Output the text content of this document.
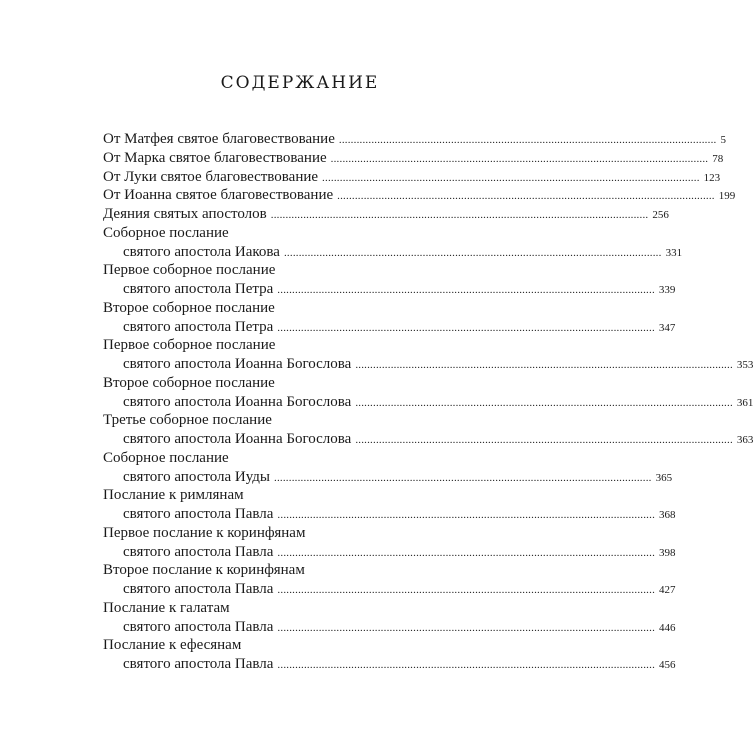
СОДЕРЖАНИЕ
От Матфея святое благовествование ................................................................................................................................ 5
От Марка святое благовествование ................................................................................................................................ 78
От Луки святое благовествование ................................................................................................................................ 123
От Иоанна святое благовествование ................................................................................................................................ 199
Деяния святых апостолов ................................................................................................................................ 256
Соборное послание
святого апостола Иакова ................................................................................................................................ 331
Первое соборное послание
святого апостола Петра ................................................................................................................................ 339
Второе соборное послание
святого апостола Петра ................................................................................................................................ 347
Первое соборное послание
святого апостола Иоанна Богослова ................................................................................................................................ 353
Второе соборное послание
святого апостола Иоанна Богослова ................................................................................................................................ 361
Третье соборное послание
святого апостола Иоанна Богослова ................................................................................................................................ 363
Соборное послание
святого апостола Иуды ................................................................................................................................ 365
Послание к римлянам
святого апостола Павла ................................................................................................................................ 368
Первое послание к коринфянам
святого апостола Павла ................................................................................................................................ 398
Второе послание к коринфянам
святого апостола Павла ................................................................................................................................ 427
Послание к галатам
святого апостола Павла ................................................................................................................................ 446
Послание к ефесянам
святого апостола Павла ................................................................................................................................ 456
